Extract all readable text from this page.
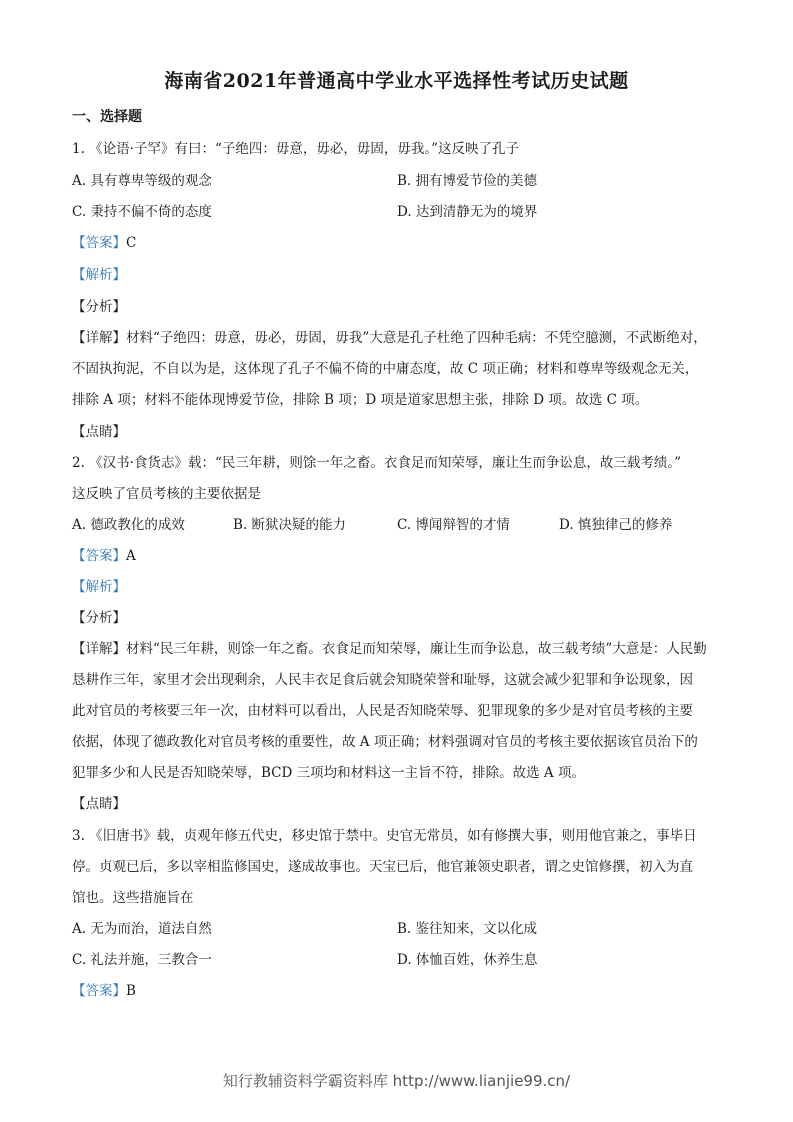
海南省2021年普通高中学业水平选择性考试历史试题
一、选择题
1. 《论语·子罕》有曰：“子绝四：毋意，毋必，毋固，毋我。”这反映了孔子
A. 具有尊卑等级的观念	B. 拥有博爱节俭的美德
C. 秉持不偏不倚的态度	D. 达到清静无为的境界
【答案】C
【解析】
【分析】
【详解】材料“子绝四：毋意，毋必，毋固，毋我”大意是孔子杜绝了四种毛病：不凭空臆测，不武断绝对，
不固执拘泥，不自以为是，这体现了孔子不偏不倚的中庸态度，故 C 项正确；材料和尊卑等级观念无关，
排除 A 项；材料不能体现博爱节俭，排除 B 项；D 项是道家思想主张，排除 D 项。故选 C 项。
【点睛】
2. 《汉书·食货志》载：“民三年耕，则馀一年之畜。衣食足而知荣辱，廉让生而争讼息，故三载考绩。”
这反映了官员考核的主要依据是
A. 德政教化的成效	B. 断狱决疑的能力	C. 博闻辩智的才情	D. 慎独律己的修养
【答案】A
【解析】
【分析】
【详解】材料“民三年耕，则馀一年之畜。衣食足而知荣辱，廉让生而争讼息，故三载考绩”大意是：人民勤
恳耕作三年，家里才会出现剩余，人民丰衣足食后就会知晓荣誉和耻辱，这就会减少犯罪和争讼现象，因
此对官员的考核要三年一次，由材料可以看出，人民是否知晓荣辱、犯罪现象的多少是对官员考核的主要
依据，体现了德政教化对官员考核的重要性，故 A 项正确；材料强调对官员的考核主要依据该官员治下的
犯罪多少和人民是否知晓荣辱，BCD 三项均和材料这一主旨不符，排除。故选 A 项。
【点睛】
3. 《旧唐书》载，贞观年修五代史，移史馆于禁中。史官无常员，如有修撰大事，则用他官兼之，事毕日
停。贞观已后，多以宰相监修国史，遂成故事也。天宝已后，他官兼领史职者，谓之史馆修撰，初入为直
馆也。这些措施旨在
A. 无为而治，道法自然	B. 鉴往知来，文以化成
C. 礼法并施，三教合一	D. 体恤百姓，休养生息
【答案】B
知行教辅资料学霸资料库 http://www.lianjie99.cn/
